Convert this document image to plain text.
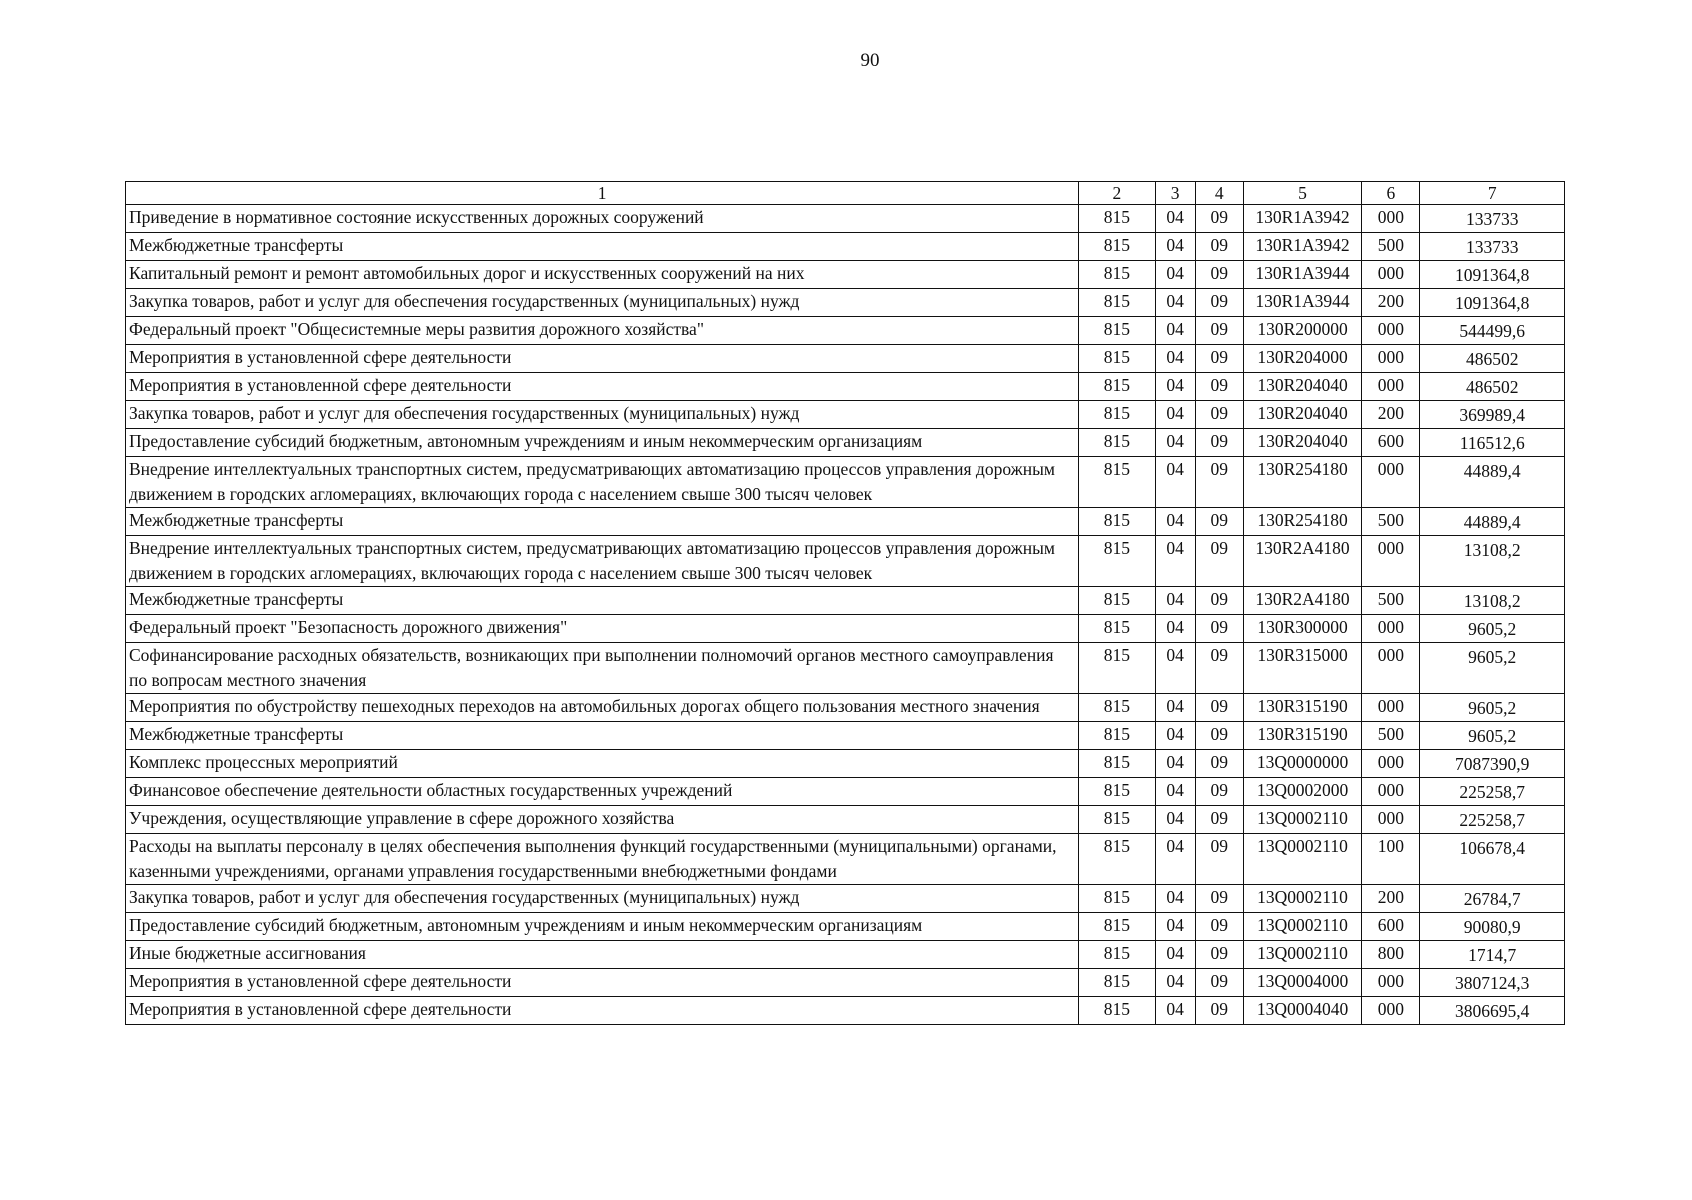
90
1	2	3	4	5	6	7
Приведение в нормативное состояние искусственных дорожных сооружений	815	04	09	130R1A3942	000	133733
Межбюджетные трансферты	815	04	09	130R1A3942	500	133733
Капитальный ремонт и ремонт автомобильных дорог и искусственных сооружений на них	815	04	09	130R1A3944	000	1091364,8
Закупка товаров, работ и услуг для обеспечения государственных (муниципальных) нужд	815	04	09	130R1A3944	200	1091364,8
Федеральный проект "Общесистемные меры развития дорожного хозяйства"	815	04	09	130R200000	000	544499,6
Мероприятия в установленной сфере деятельности	815	04	09	130R204000	000	486502
Мероприятия в установленной сфере деятельности	815	04	09	130R204040	000	486502
Закупка товаров, работ и услуг для обеспечения государственных (муниципальных) нужд	815	04	09	130R204040	200	369989,4
Предоставление субсидий бюджетным, автономным учреждениям и иным некоммерческим организациям	815	04	09	130R204040	600	116512,6
Внедрение интеллектуальных транспортных систем, предусматривающих автоматизацию процессов управления дорожным движением в городских агломерациях, включающих города с населением свыше 300 тысяч человек	815	04	09	130R254180	000	44889,4
Межбюджетные трансферты	815	04	09	130R254180	500	44889,4
Внедрение интеллектуальных транспортных систем, предусматривающих автоматизацию процессов управления дорожным движением в городских агломерациях, включающих города с населением свыше 300 тысяч человек	815	04	09	130R2A4180	000	13108,2
Межбюджетные трансферты	815	04	09	130R2A4180	500	13108,2
Федеральный проект "Безопасность дорожного движения"	815	04	09	130R300000	000	9605,2
Софинансирование расходных обязательств, возникающих при выполнении полномочий органов местного самоуправления по вопросам местного значения	815	04	09	130R315000	000	9605,2
Мероприятия по обустройству пешеходных переходов на автомобильных дорогах общего пользования местного значения	815	04	09	130R315190	000	9605,2
Межбюджетные трансферты	815	04	09	130R315190	500	9605,2
Комплекс процессных мероприятий	815	04	09	13Q0000000	000	7087390,9
Финансовое обеспечение деятельности областных государственных учреждений	815	04	09	13Q0002000	000	225258,7
Учреждения, осуществляющие управление в сфере дорожного хозяйства	815	04	09	13Q0002110	000	225258,7
Расходы на выплаты персоналу в целях обеспечения выполнения функций государственными (муниципальными) органами, казенными учреждениями, органами управления государственными внебюджетными фондами	815	04	09	13Q0002110	100	106678,4
Закупка товаров, работ и услуг для обеспечения государственных (муниципальных) нужд	815	04	09	13Q0002110	200	26784,7
Предоставление субсидий бюджетным, автономным учреждениям и иным некоммерческим организациям	815	04	09	13Q0002110	600	90080,9
Иные бюджетные ассигнования	815	04	09	13Q0002110	800	1714,7
Мероприятия в установленной сфере деятельности	815	04	09	13Q0004000	000	3807124,3
Мероприятия в установленной сфере деятельности	815	04	09	13Q0004040	000	3806695,4
